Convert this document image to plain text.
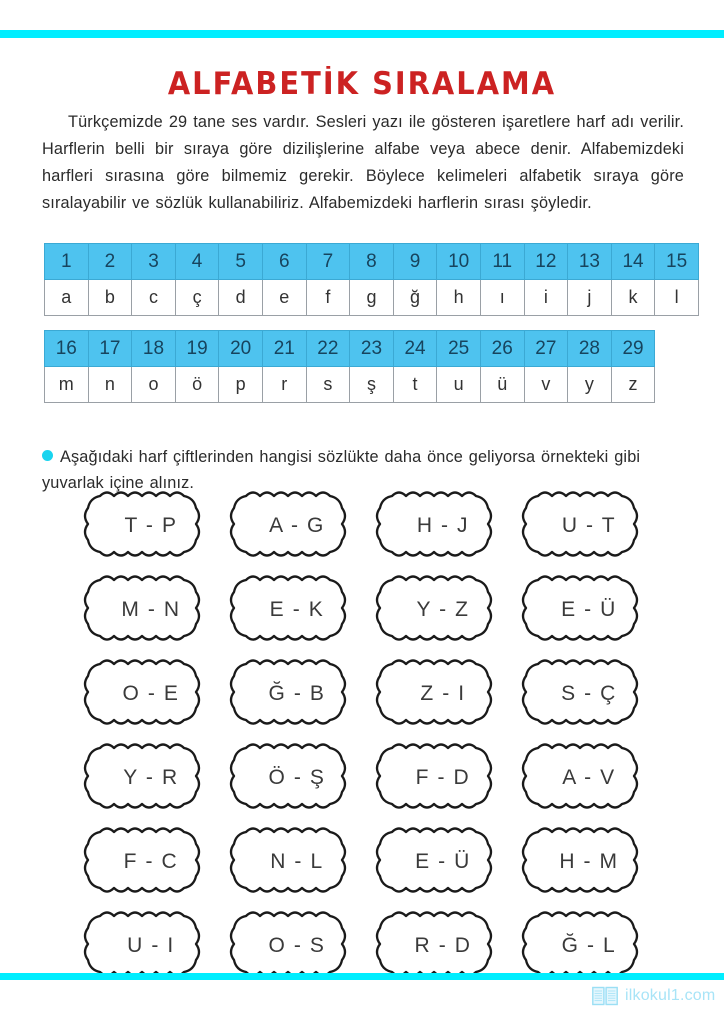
ALFABETİK SIRALAMA

Türkçemizde 29 tane ses vardır. Sesleri yazı ile gösteren işaretlere harf adı verilir. Harflerin belli bir sıraya göre dizilişlerine alfabe veya abece denir. Alfabemizdeki harfleri sırasına göre bilmemiz gerekir. Böylece kelimeleri alfabetik sıraya göre sıralayabilir ve sözlük kullanabiliriz. Alfabemizdeki harflerin sırası şöyledir.

1	2	3	4	5	6	7	8	9	10	11	12	13	14	15
a	b	c	ç	d	e	f	g	ğ	h	ı	i	j	k	l
16	17	18	19	20	21	22	23	24	25	26	27	28	29
m	n	o	ö	p	r	s	ş	t	u	ü	v	y	z

Aşağıdaki harf çiftlerinden hangisi sözlükte daha önce geliyorsa örnekteki gibi yuvarlak içine alınız.

T - P	A - G	H - J	U - T
M - N	E - K	Y - Z	E - Ü
O - E	Ğ - B	Z - I	S - Ç
Y - R	Ö - Ş	F - D	A - V
F - C	N - L	E - Ü	H - M
U - I	O - S	R - D	Ğ - L
ilkokul1.com
